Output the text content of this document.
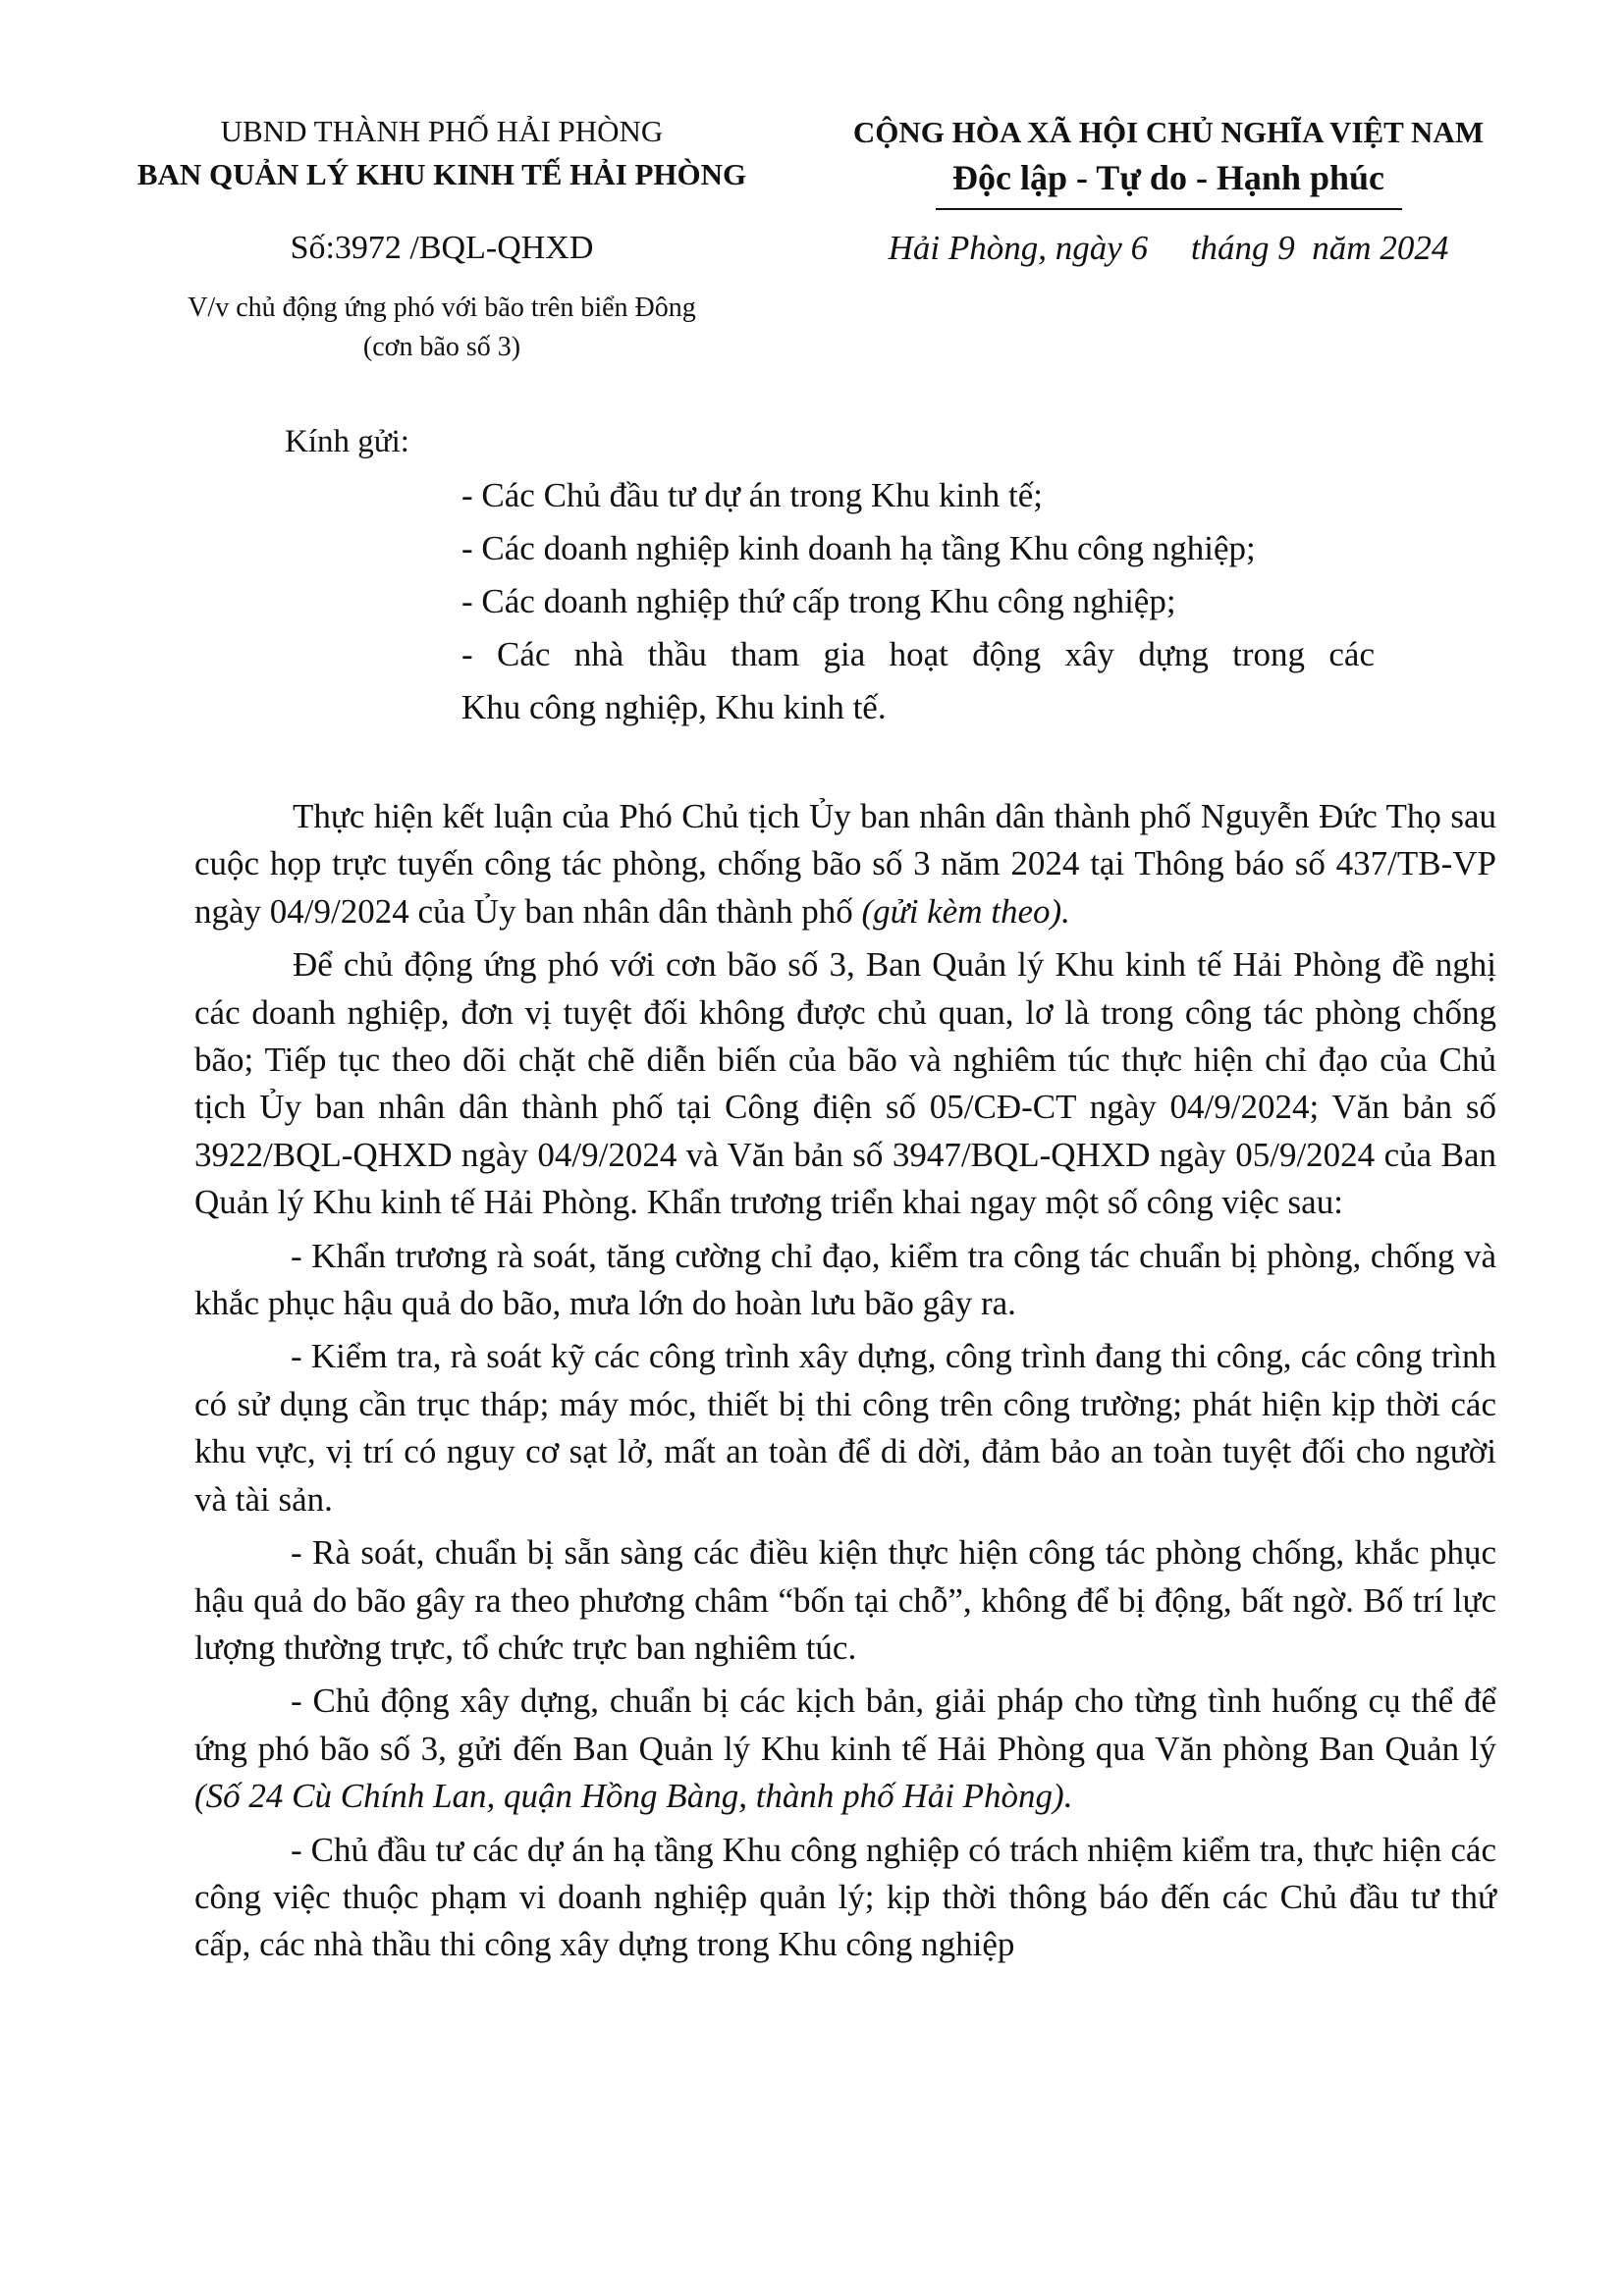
UBND THÀNH PHỐ HẢI PHÒNG
BAN QUẢN LÝ KHU KINH TẾ HẢI PHÒNG
CỘNG HÒA XÃ HỘI CHỦ NGHĨA VIỆT NAM
Độc lập - Tự do - Hạnh phúc
Số:3972 /BQL-QHXD
V/v chủ động ứng phó với bão trên biển Đông
(cơn bão số 3)
Hải Phòng, ngày 6     tháng 9  năm 2024
Kính gửi:

- Các Chủ đầu tư dự án trong Khu kinh tế;

- Các doanh nghiệp kinh doanh hạ tầng Khu công nghiệp;

- Các doanh nghiệp thứ cấp trong Khu công nghiệp;

- Các nhà thầu tham gia hoạt động xây dựng trong các

Khu công nghiệp, Khu kinh tế.

Thực hiện kết luận của Phó Chủ tịch Ủy ban nhân dân thành phố Nguyễn Đức Thọ sau cuộc họp trực tuyến công tác phòng, chống bão số 3 năm 2024 tại Thông báo số 437/TB-VP ngày 04/9/2024 của Ủy ban nhân dân thành phố (gửi kèm theo).

Để chủ động ứng phó với cơn bão số 3, Ban Quản lý Khu kinh tế Hải Phòng đề nghị các doanh nghiệp, đơn vị tuyệt đối không được chủ quan, lơ là trong công tác phòng chống bão; Tiếp tục theo dõi chặt chẽ diễn biến của bão và nghiêm túc thực hiện chỉ đạo của Chủ tịch Ủy ban nhân dân thành phố tại Công điện số 05/CĐ-CT ngày 04/9/2024; Văn bản số 3922/BQL-QHXD ngày 04/9/2024 và Văn bản số 3947/BQL-QHXD ngày 05/9/2024 của Ban Quản lý Khu kinh tế Hải Phòng. Khẩn trương triển khai ngay một số công việc sau:

- Khẩn trương rà soát, tăng cường chỉ đạo, kiểm tra công tác chuẩn bị phòng, chống và khắc phục hậu quả do bão, mưa lớn do hoàn lưu bão gây ra.

- Kiểm tra, rà soát kỹ các công trình xây dựng, công trình đang thi công, các công trình có sử dụng cần trục tháp; máy móc, thiết bị thi công trên công trường; phát hiện kịp thời các khu vực, vị trí có nguy cơ sạt lở, mất an toàn để di dời, đảm bảo an toàn tuyệt đối cho người và tài sản.

- Rà soát, chuẩn bị sẵn sàng các điều kiện thực hiện công tác phòng chống, khắc phục hậu quả do bão gây ra theo phương châm “bốn tại chỗ”, không để bị động, bất ngờ. Bố trí lực lượng thường trực, tổ chức trực ban nghiêm túc.

- Chủ động xây dựng, chuẩn bị các kịch bản, giải pháp cho từng tình huống cụ thể để ứng phó bão số 3, gửi đến Ban Quản lý Khu kinh tế Hải Phòng qua Văn phòng Ban Quản lý (Số 24 Cù Chính Lan, quận Hồng Bàng, thành phố Hải Phòng).

- Chủ đầu tư các dự án hạ tầng Khu công nghiệp có trách nhiệm kiểm tra, thực hiện các công việc thuộc phạm vi doanh nghiệp quản lý; kịp thời thông báo đến các Chủ đầu tư thứ cấp, các nhà thầu thi công xây dựng trong Khu công nghiệp
